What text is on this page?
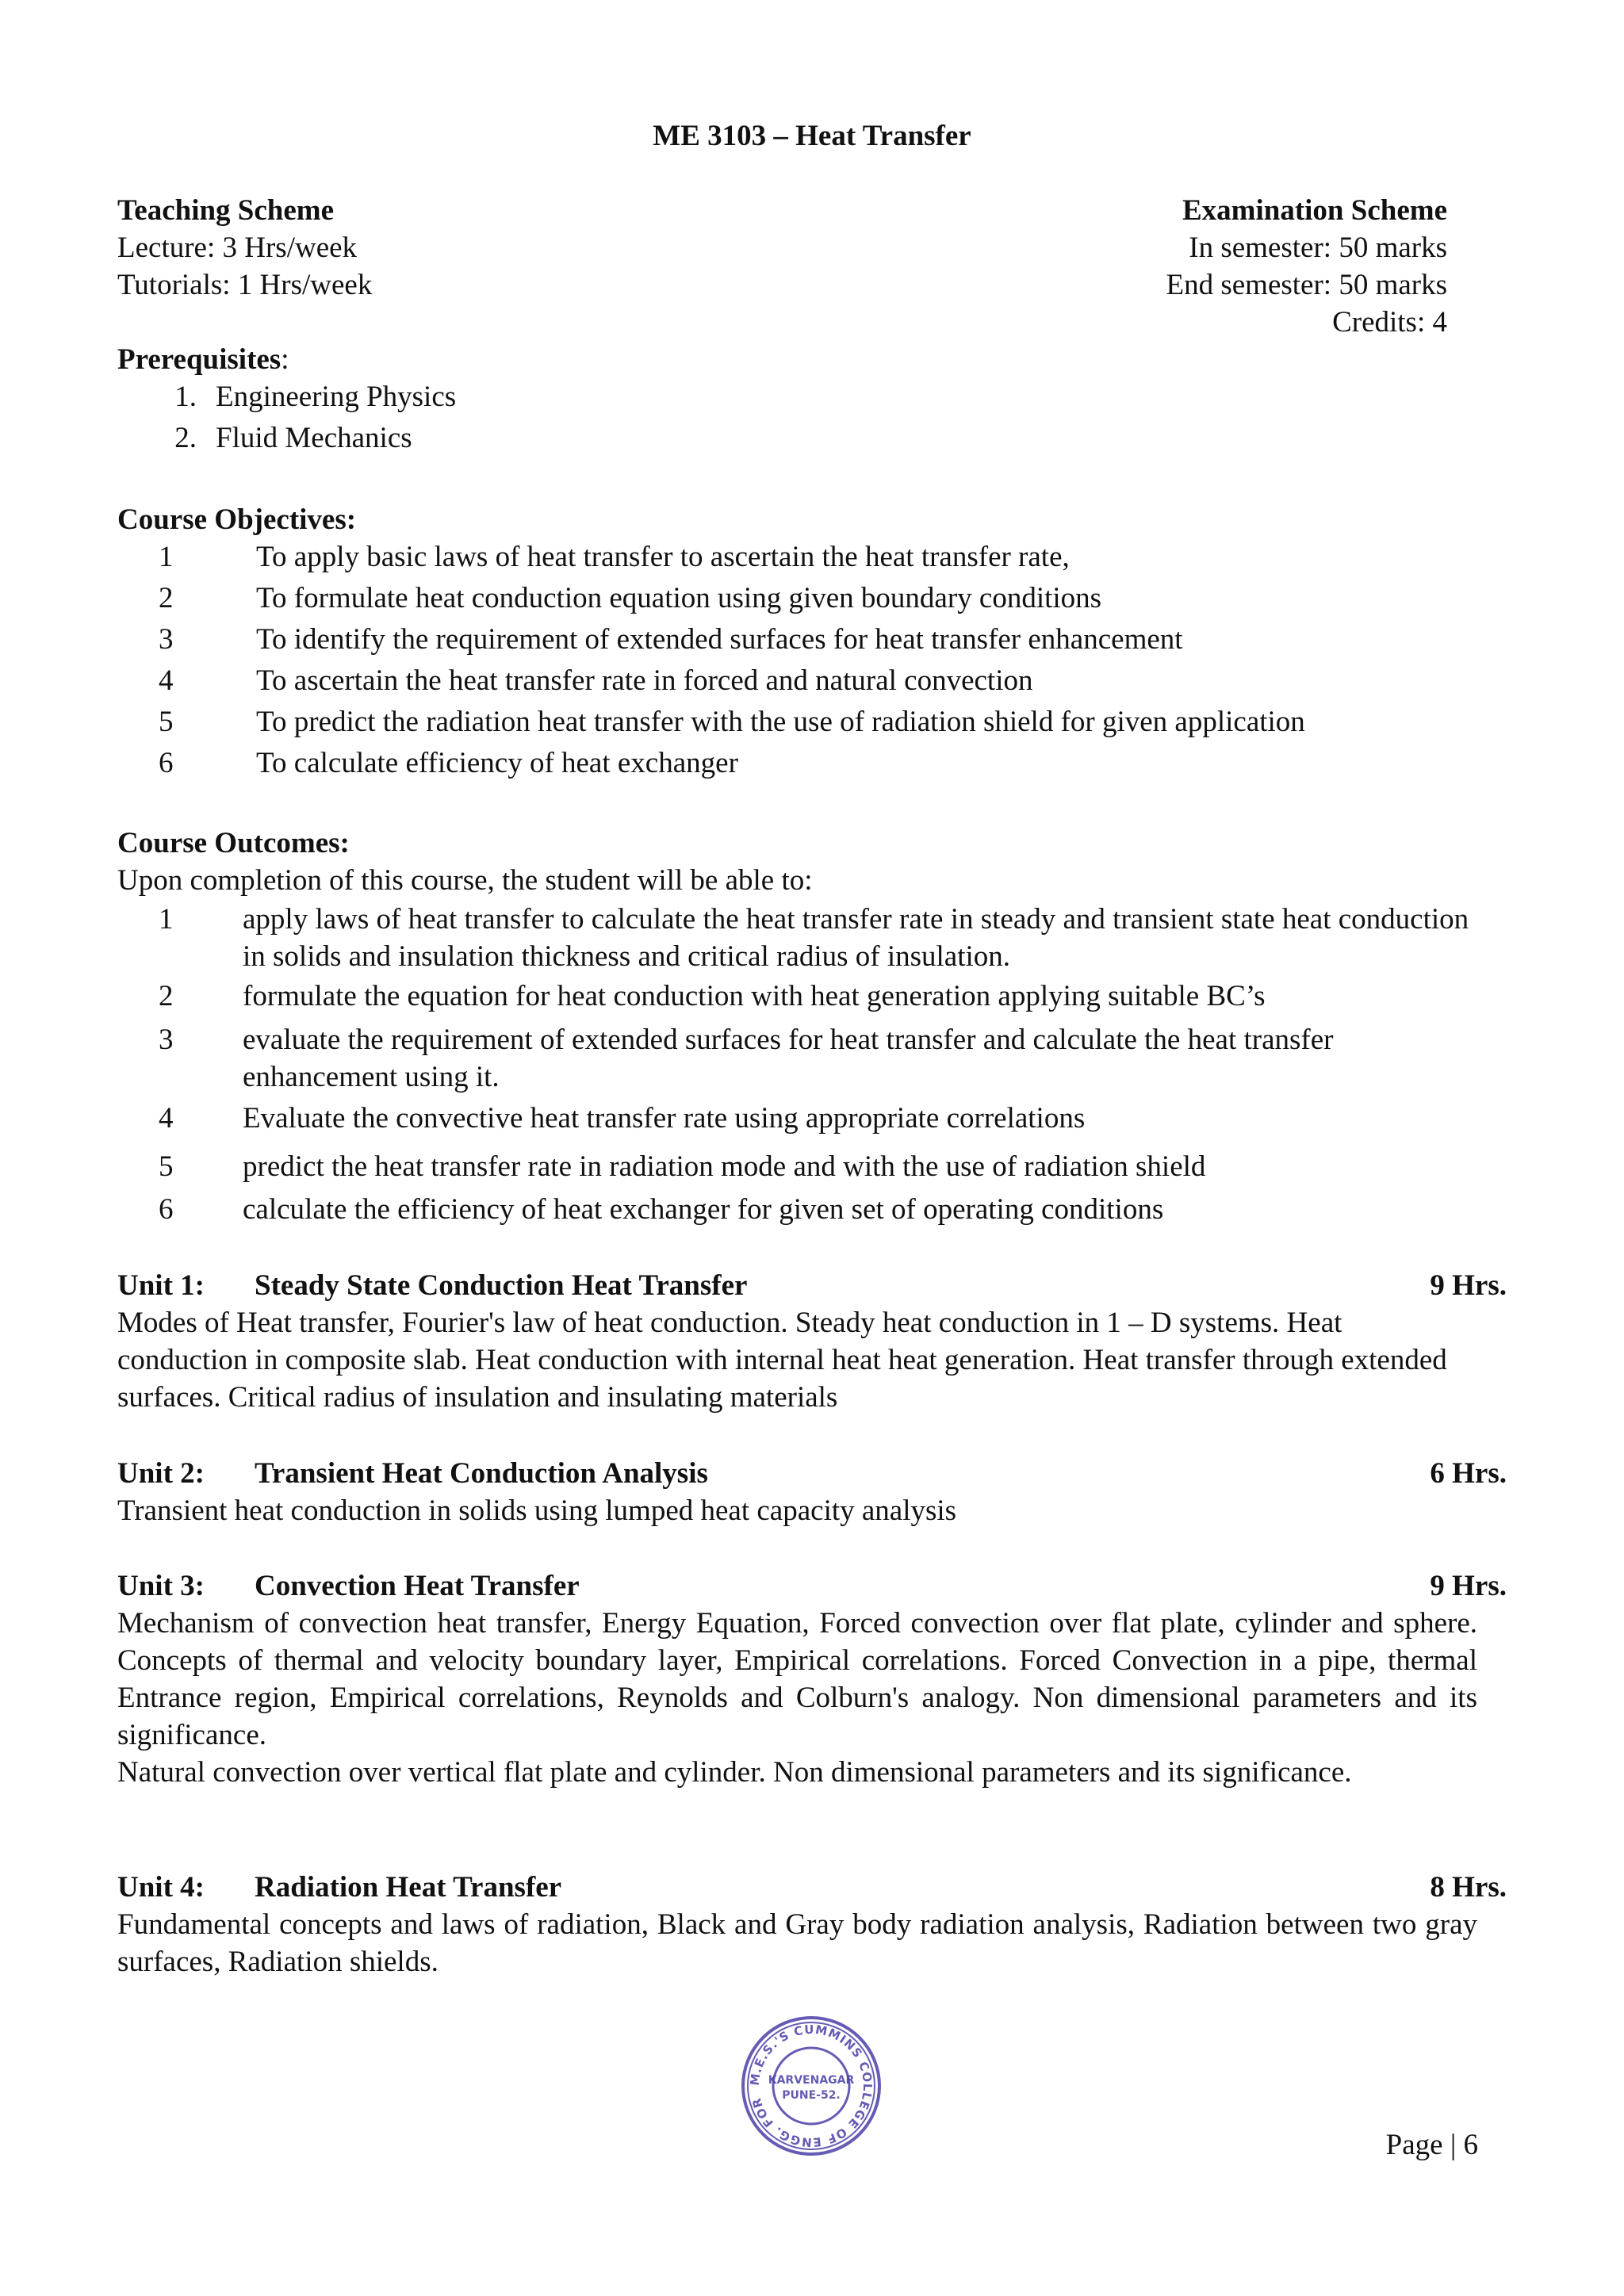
ME 3103 – Heat Transfer
Teaching Scheme
Lecture: 3 Hrs/week
Tutorials: 1 Hrs/week
Examination Scheme
In semester: 50 marks
End semester: 50 marks
Credits: 4
Prerequisites:
1. Engineering Physics
2. Fluid Mechanics
Course Objectives:
1	To apply basic laws of heat transfer to ascertain the heat transfer rate,
2	To formulate heat conduction equation using given boundary conditions
3	To identify the requirement of extended surfaces for heat transfer enhancement
4	To ascertain the heat transfer rate in forced and natural convection
5	To predict the radiation heat transfer with the use of radiation shield for given application
6	To calculate efficiency of heat exchanger
Course Outcomes:
Upon completion of this course, the student will be able to:
1 apply laws of heat transfer to calculate the heat transfer rate in steady and transient state heat conduction in solids and insulation thickness and critical radius of insulation.
2 formulate the equation for heat conduction with heat generation applying suitable BC’s
3 evaluate the requirement of extended surfaces for heat transfer and calculate the heat transfer enhancement using it.
4 Evaluate the convective heat transfer rate using appropriate correlations
5 predict the heat transfer rate in radiation mode and with the use of radiation shield
6 calculate the efficiency of heat exchanger for given set of operating conditions
Unit 1: Steady State Conduction Heat Transfer	9 Hrs.

Modes of Heat transfer, Fourier's law of heat conduction. Steady heat conduction in 1 – D systems. Heat conduction in composite slab. Heat conduction with internal heat heat generation. Heat transfer through extended surfaces. Critical radius of insulation and insulating materials

Unit 2: Transient Heat Conduction Analysis	6 Hrs.

Transient heat conduction in solids using lumped heat capacity analysis

Unit 3: Convection Heat Transfer	9 Hrs.

Mechanism of convection heat transfer, Energy Equation, Forced convection over flat plate, cylinder and sphere. Concepts of thermal and velocity boundary layer, Empirical correlations. Forced Convection in a pipe, thermal Entrance region, Empirical correlations, Reynolds and Colburn's analogy. Non dimensional parameters and its significance.

Natural convection over vertical flat plate and cylinder. Non dimensional parameters and its significance.

Unit 4: Radiation Heat Transfer	8 Hrs.

Fundamental concepts and laws of radiation, Black and Gray body radiation analysis, Radiation between two gray surfaces, Radiation shields.

M.E.S.'S CUMMINS COLLEGE OF ENGG. FOR
KARVENAGAR
PUNE-52.
Page | 6
